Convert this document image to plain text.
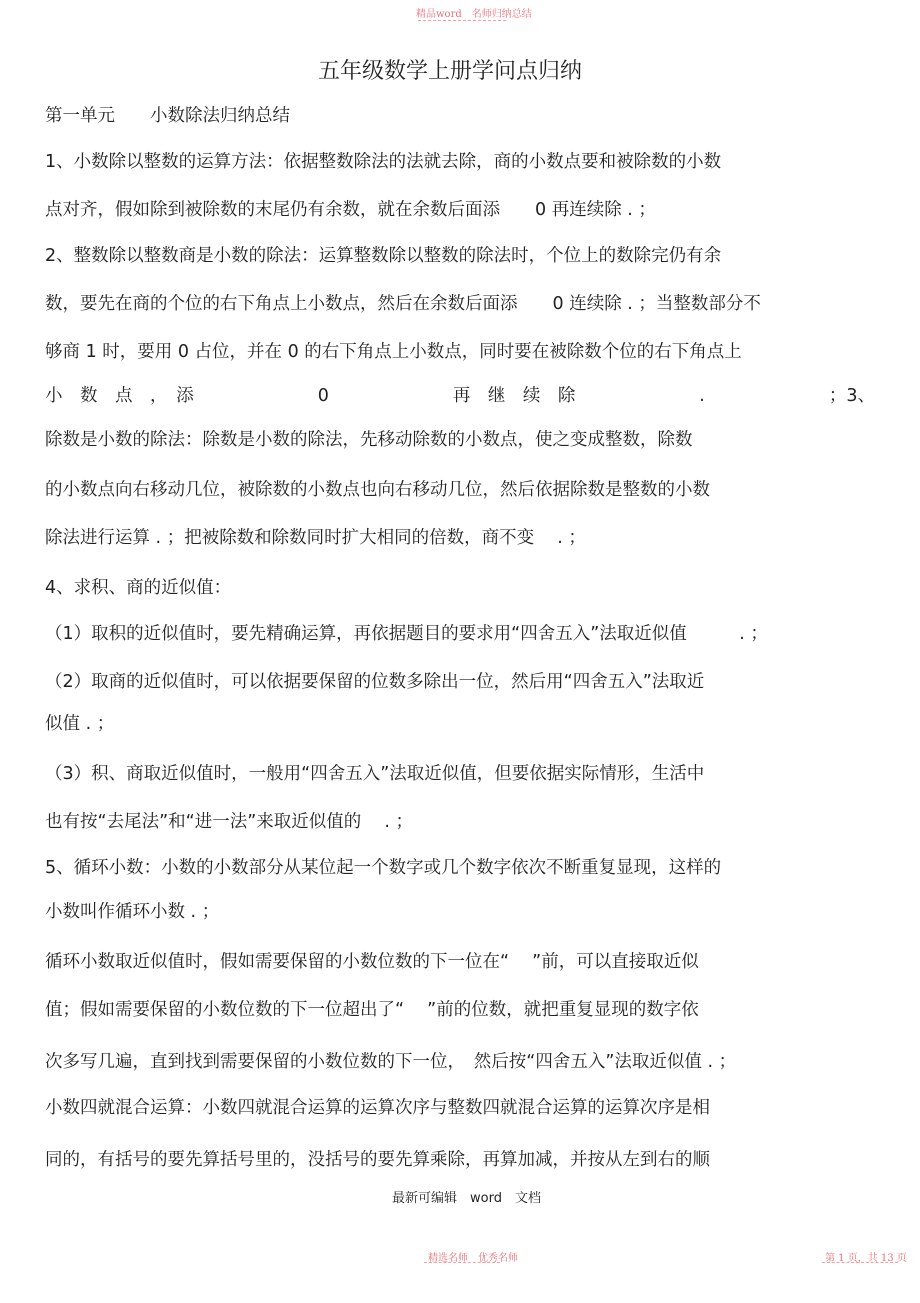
精品word　名师归纳总结
五年级数学上册学问点归纳
第一单元　　小数除法归纳总结
1、小数除以整数的运算方法：依据整数除法的法就去除，商的小数点要和被除数的小数
点对齐，假如除到被除数的末尾仍有余数，就在余数后面添　　0 再连续除 . ；
2、整数除以整数商是小数的除法：运算整数除以整数的除法时，个位上的数除完仍有余
数，要先在商的个位的右下角点上小数点，然后在余数后面添　　0 连续除 . ；当整数部分不
够商 1 时，要用 0 占位，并在 0 的右下角点上小数点，同时要在被除数个位的右下角点上
小　数　点　，　添	0	再　继　续　除	.	；3、
除数是小数的除法：除数是小数的除法，先移动除数的小数点，使之变成整数，除数
的小数点向右移动几位，被除数的小数点也向右移动几位，然后依据除数是整数的小数
除法进行运算 . ；把被除数和除数同时扩大相同的倍数，商不变　 . ；
4、求积、商的近似值：
（1）取积的近似值时，要先精确运算，再依据题目的要求用“四舍五入”法取近似值　　　. ；
（2）取商的近似值时，可以依据要保留的位数多除出一位，然后用“四舍五入”法取近
似值 . ；
（3）积、商取近似值时，一般用“四舍五入”法取近似值，但要依据实际情形，生活中
也有按“去尾法”和“进一法”来取近似值的　 . ；
5、循环小数：小数的小数部分从某位起一个数字或几个数字依次不断重复显现，这样的
小数叫作循环小数 . ；
循环小数取近似值时，假如需要保留的小数位数的下一位在“　 ”前，可以直接取近似
值；假如需要保留的小数位数的下一位超出了“　 ”前的位数，就把重复显现的数字依
次多写几遍，直到找到需要保留的小数位数的下一位，　然后按“四舍五入”法取近似值 . ；
小数四就混合运算：小数四就混合运算的运算次序与整数四就混合运算的运算次序是相
同的，有括号的要先算括号里的，没括号的要先算乘除，再算加减，并按从左到右的顺
最新可编辑　word　文档
精选名师　优秀名师	第 1 页，共 13 页
